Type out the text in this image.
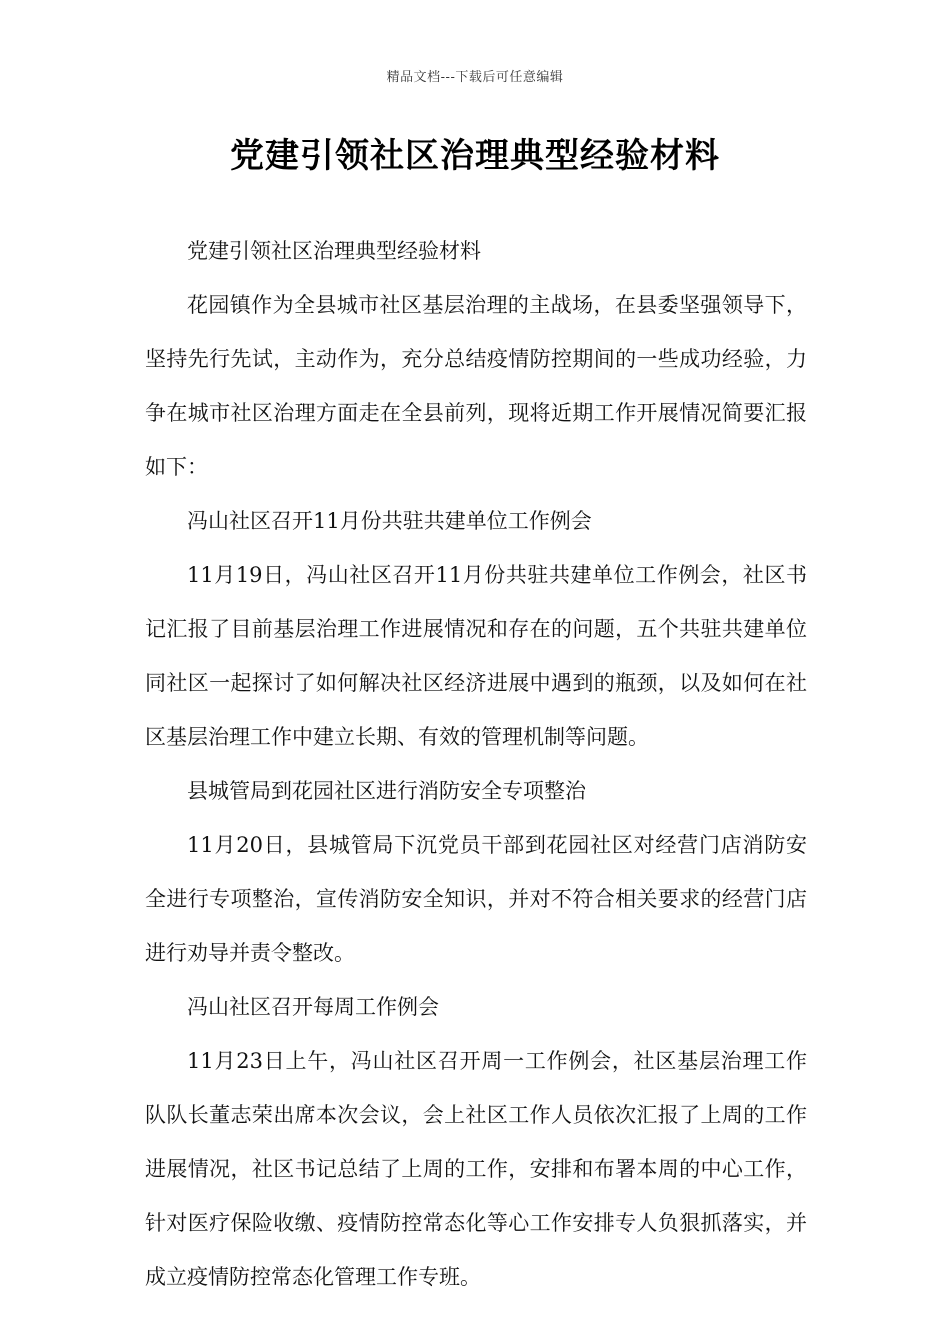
精品文档---下载后可任意编辑
党建引领社区治理典型经验材料

党建引领社区治理典型经验材料

花园镇作为全县城市社区基层治理的主战场，在县委坚强领导下，坚持先行先试，主动作为，充分总结疫情防控期间的一些成功经验，力争在城市社区治理方面走在全县前列，现将近期工作开展情况简要汇报如下：

冯山社区召开11月份共驻共建单位工作例会

11月19日，冯山社区召开11月份共驻共建单位工作例会，社区书记汇报了目前基层治理工作进展情况和存在的问题，五个共驻共建单位同社区一起探讨了如何解决社区经济进展中遇到的瓶颈，以及如何在社区基层治理工作中建立长期、有效的管理机制等问题。

县城管局到花园社区进行消防安全专项整治

11月20日，县城管局下沉党员干部到花园社区对经营门店消防安全进行专项整治，宣传消防安全知识，并对不符合相关要求的经营门店进行劝导并责令整改。

冯山社区召开每周工作例会

11月23日上午，冯山社区召开周一工作例会，社区基层治理工作队队长董志荣出席本次会议，会上社区工作人员依次汇报了上周的工作进展情况，社区书记总结了上周的工作，安排和布署本周的中心工作，针对医疗保险收缴、疫情防控常态化等心工作安排专人负狠抓落实，并成立疫情防控常态化管理工作专班。
